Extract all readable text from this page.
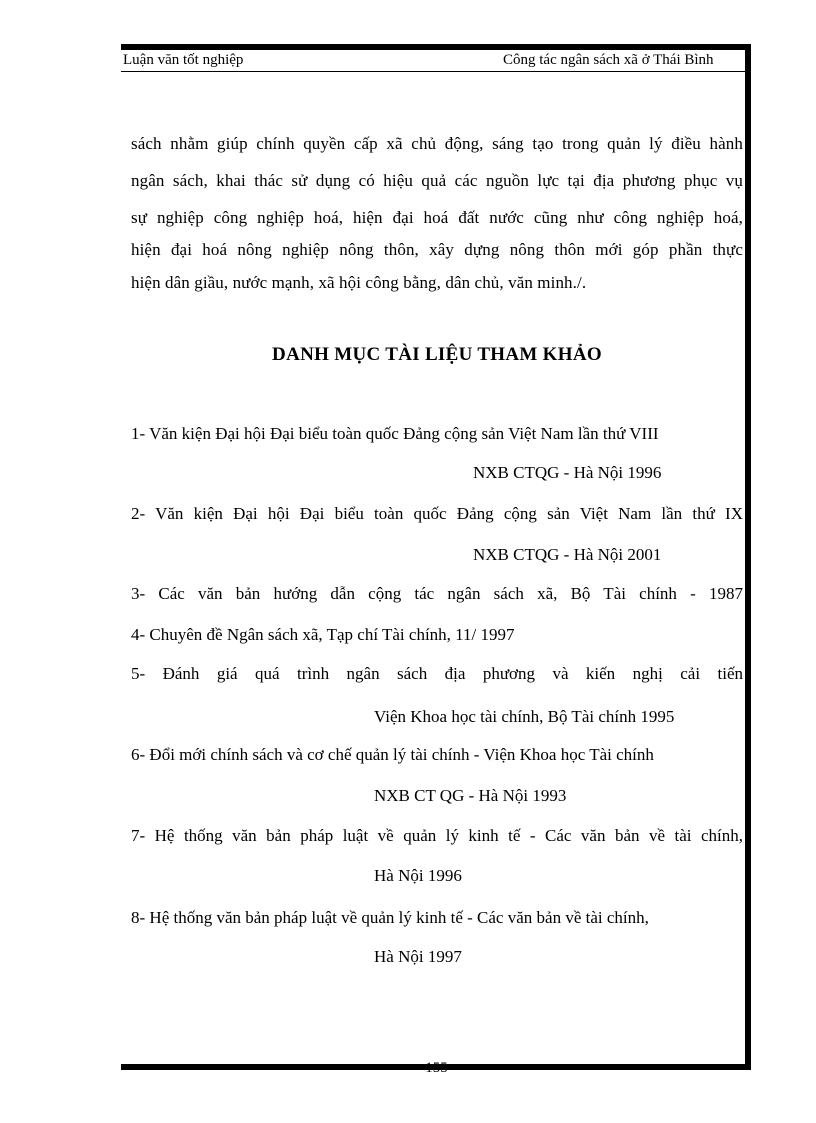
Luận văn tốt nghiệp	Công tác ngân sách xã ở Thái Bình
sách nhằm giúp chính quyền cấp xã chủ động, sáng tạo trong quản lý điều hành
ngân sách, khai thác sử dụng có hiệu quả các nguồn lực tại địa phương phục vụ
sự nghiệp công nghiệp hoá, hiện đại hoá đất nước cũng như công nghiệp hoá,
hiện đại hoá nông nghiệp nông thôn, xây dựng nông thôn mới góp phần thực
hiện dân giầu, nước mạnh, xã hội công bằng, dân chủ, văn minh./.
DANH MỤC TÀI LIỆU THAM KHẢO
1- Văn kiện Đại hội Đại biểu toàn quốc Đảng cộng sản Việt Nam lần thứ VIII
NXB CTQG - Hà Nội 1996
2- Văn kiện Đại hội Đại biểu toàn quốc Đảng cộng sản Việt Nam lần thứ IX
NXB CTQG - Hà Nội 2001
3- Các văn bản hướng dẫn cộng tác ngân sách xã, Bộ Tài chính - 1987
4- Chuyên đề Ngân sách xã, Tạp chí Tài chính, 11/ 1997
5- Đánh giá quá trình ngân sách địa phương và kiến nghị cải tiến
Viện Khoa học tài chính, Bộ Tài chính 1995
6- Đổi mới chính sách và cơ chế quản lý tài chính - Viện Khoa học Tài chính
NXB CT QG - Hà Nội 1993
7- Hệ thống văn bản pháp luật về quản lý kinh tế - Các văn bản về tài chính,
Hà Nội 1996
8- Hệ thống văn bản pháp luật về quản lý kinh tế - Các văn bản về tài chính,
Hà Nội 1997
- 155 -
